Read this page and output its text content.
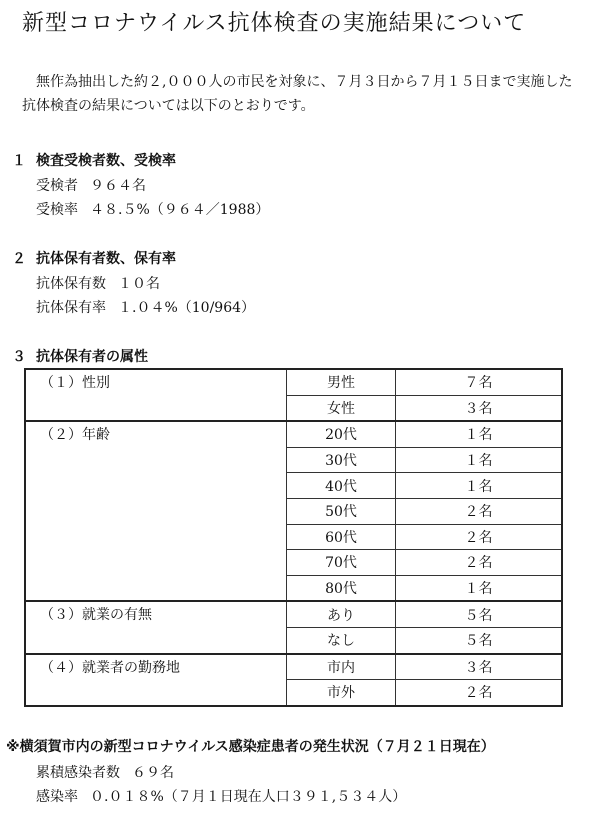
新型コロナウイルス抗体検査の実施結果について
無作為抽出した約２,０００人の市民を対象に、７月３日から７月１５日まで実施した抗体検査の結果については以下のとおりです。
１ 検査受検者数、受検率
受検者 ９６４名
受検率 ４８.５%（９６４／1988）
２ 抗体保有者数、保有率
抗体保有数 １０名
抗体保有率 １.０４%（10/964）
３ 抗体保有者の属性
（１）性別	男性	７名
	女性	３名
（２）年齢	20代	１名
	30代	１名
	40代	１名
	50代	２名
	60代	２名
	70代	２名
	80代	１名
（３）就業の有無	あり	５名
	なし	５名
（４）就業者の勤務地	市内	３名
	市外	２名
※横須賀市内の新型コロナウイルス感染症患者の発生状況（７月２１日現在）
累積感染者数 ６９名
感染率 ０.０１８%（７月１日現在人口３９１,５３４人）
